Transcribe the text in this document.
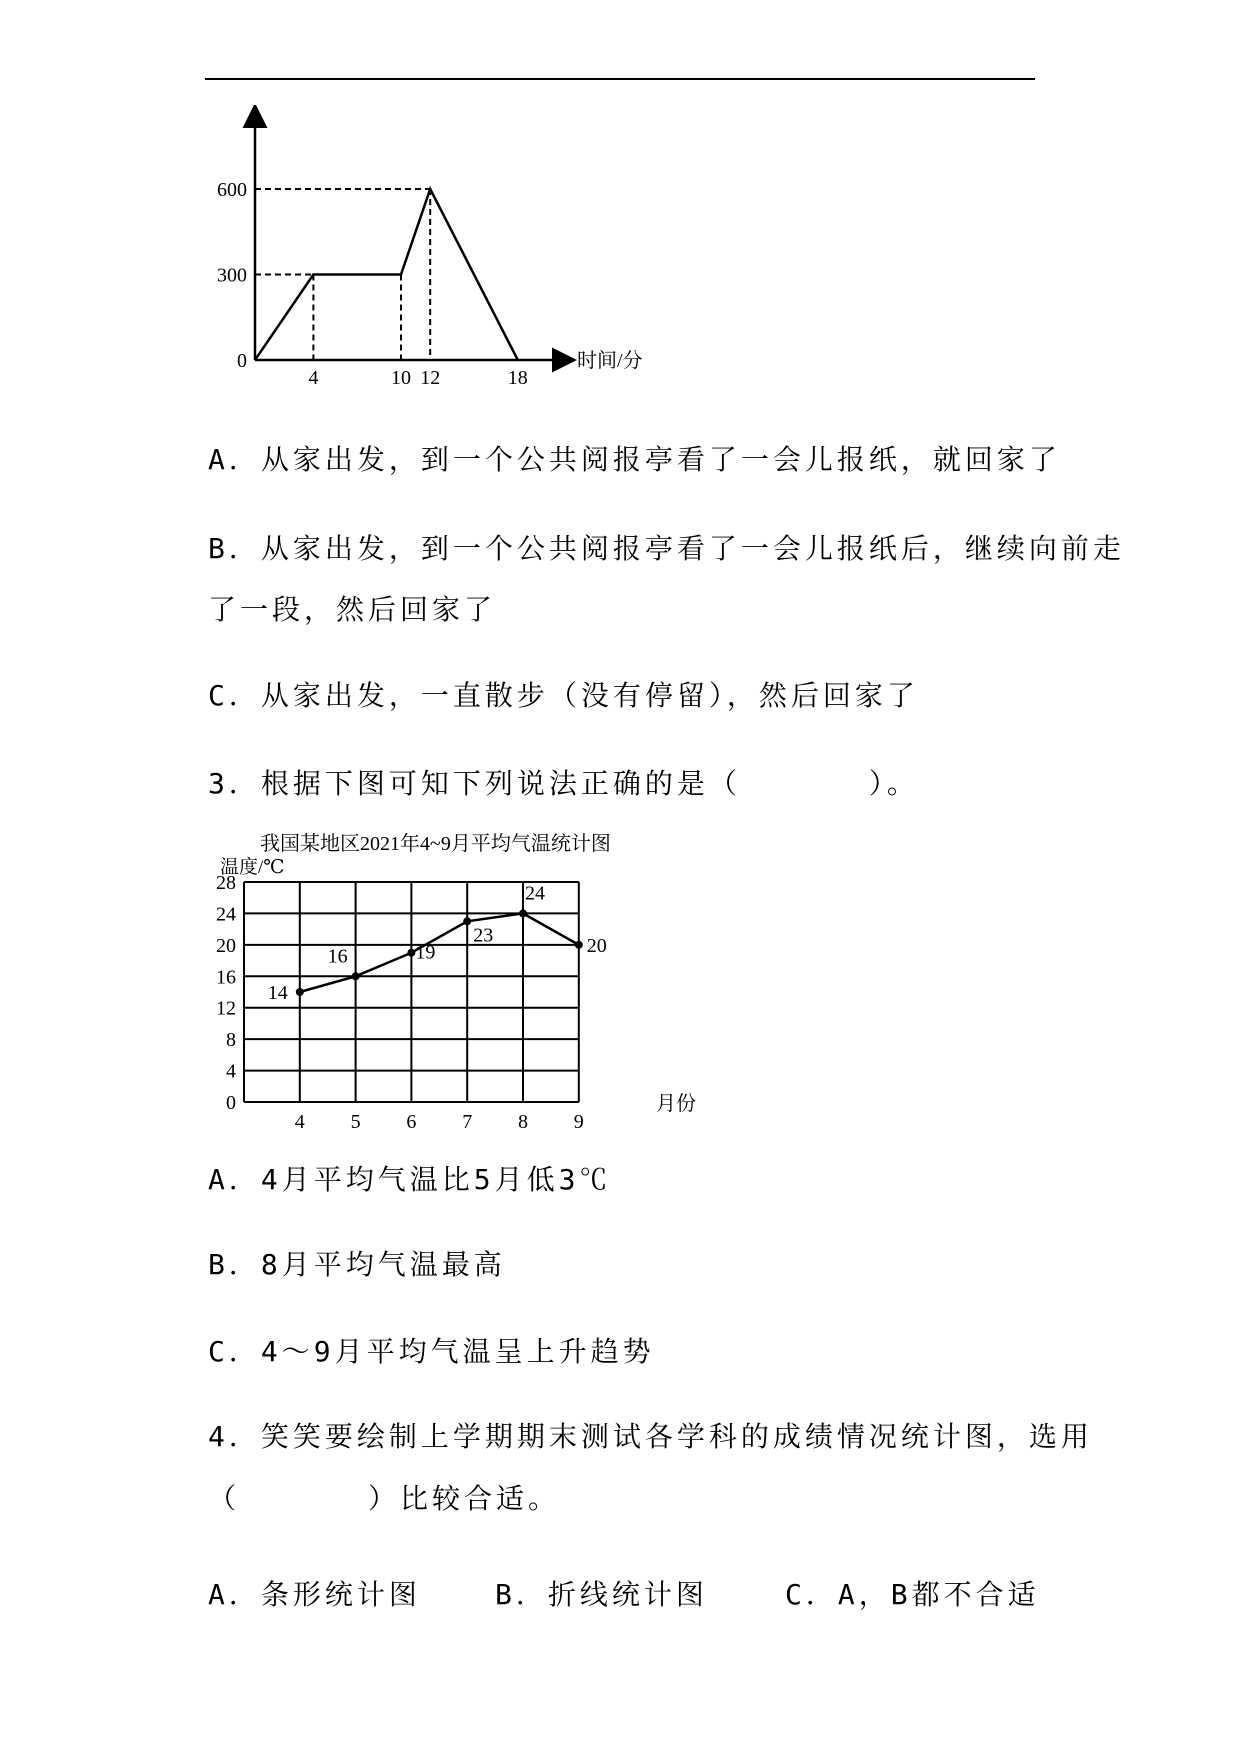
0
300
600
4	10 12	18
时间/分
A．从家出发，到一个公共阅报亭看了一会儿报纸，就回家了
B．从家出发，到一个公共阅报亭看了一会儿报纸后，继续向前走
了一段，然后回家了
C．从家出发，一直散步（没有停留），然后回家了
3．根据下图可知下列说法正确的是（　　　　）。
我国某地区2021年4~9月平均气温统计图
温度/℃
月份
0
4
8
12
16
20
24
28
4 5 6 7 8 9
14
16	19
23
24
20
A．4月平均气温比5月低3℃
B．8月平均气温最高
C．4～9月平均气温呈上升趋势
4．笑笑要绘制上学期期末测试各学科的成绩情况统计图，选用
（　　　　）比较合适。
A．条形统计图	B．折线统计图	C．A，B都不合适
